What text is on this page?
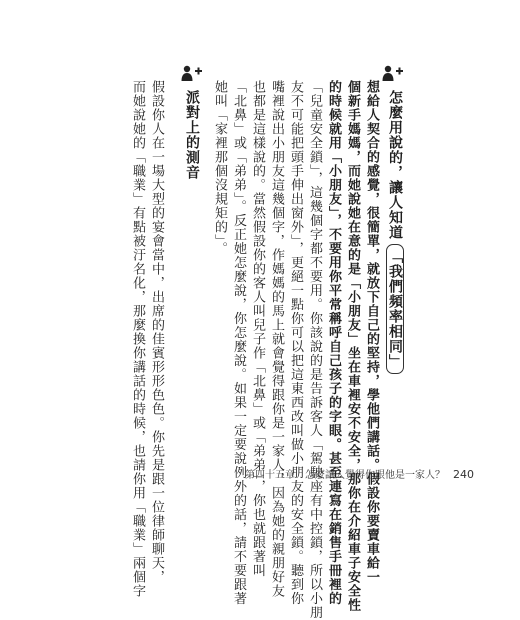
怎麼用說的，讓人知道「我們頻率相同」
想給人契合的感覺，很簡單，就放下自己的堅持，學他們講話。假設你要賣車給一
個新手媽媽，而她說她在意的是「小朋友」坐在車裡安不安全，那你在介紹車子安全性
的時候就用「小朋友」，不要用你平常稱呼自己孩子的字眼。甚至連寫在銷售手冊裡的
「兒童安全鎖」，這幾個字都不要用。你該說的是告訴客人「駕駛座有中控鎖，所以小朋
友不可能把頭手伸出窗外」，更絕一點你可以把這東西改叫做小朋友的安全鎖。聽到你
嘴裡說出小朋友這幾個字，作媽媽的馬上就會覺得跟你是一家人，因為她的親朋好友
也都是這樣說的。當然假設你的客人叫兒子作「北鼻」或「弟弟」，你也就跟著叫
「北鼻」或「弟弟」。反正她怎麼說，你怎麼說。如果一定要說例外的話，請不要跟著
她叫「家裡那個沒規矩的」。
派對上的測音
假設你人在一場大型的宴會當中，出席的佳賓形形色色。你先是跟一位律師聊天，
而她說她的「職業」有點被汙名化，那麼換你講話的時候，也請你用「職業」兩個字	第四十五章　怎麼讓人覺得你跟他是一家人？ 240
